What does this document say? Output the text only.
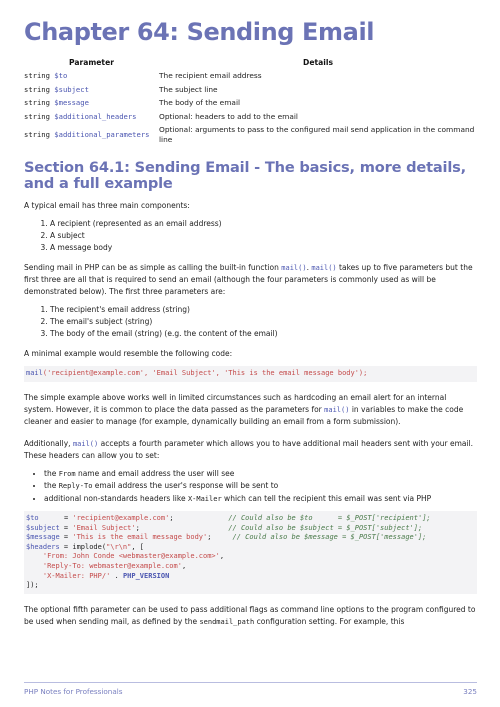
Chapter 64: Sending Email
Parameter	Details
string $to	The recipient email address
string $subject	The subject line
string $message	The body of the email
string $additional_headers	Optional: headers to add to the email
string $additional_parameters	Optional: arguments to pass to the configured mail send application in the command line
Section 64.1: Sending Email - The basics, more details, and a full example

A typical email has three main components:

1. A recipient (represented as an email address)
2. A subject
3. A message body

Sending mail in PHP can be as simple as calling the built-in function mail(). mail() takes up to five parameters but the first three are all that is required to send an email (although the four parameters is commonly used as will be demonstrated below). The first three parameters are:

1. The recipient's email address (string)
2. The email's subject (string)
3. The body of the email (string) (e.g. the content of the email)

A minimal example would resemble the following code:

mail('recipient@example.com', 'Email Subject', 'This is the email message body');

The simple example above works well in limited circumstances such as hardcoding an email alert for an internal system. However, it is common to place the data passed as the parameters for mail() in variables to make the code cleaner and easier to manage (for example, dynamically building an email from a form submission).

Additionally, mail() accepts a fourth parameter which allows you to have additional mail headers sent with your email. These headers can allow you to set:

• the From name and email address the user will see
• the Reply-To email address the user's response will be sent to
• additional non-standards headers like X-Mailer which can tell the recipient this email was sent via PHP
$to      = 'recipient@example.com';             // Could also be $to      = $_POST['recipient'];
$subject = 'Email Subject';                     // Could also be $subject = $_POST['subject'];
$message = 'This is the email message body';     // Could also be $message = $_POST['message'];
$headers = implode("\r\n", [
'From: John Conde <webmaster@example.com>',
'Reply-To: webmaster@example.com',
'X-Mailer: PHP/' . PHP_VERSION
]);

The optional fifth parameter can be used to pass additional flags as command line options to the program configured to be used when sending mail, as defined by the sendmail_path configuration setting. For example, this

PHP Notes for Professionals	325
